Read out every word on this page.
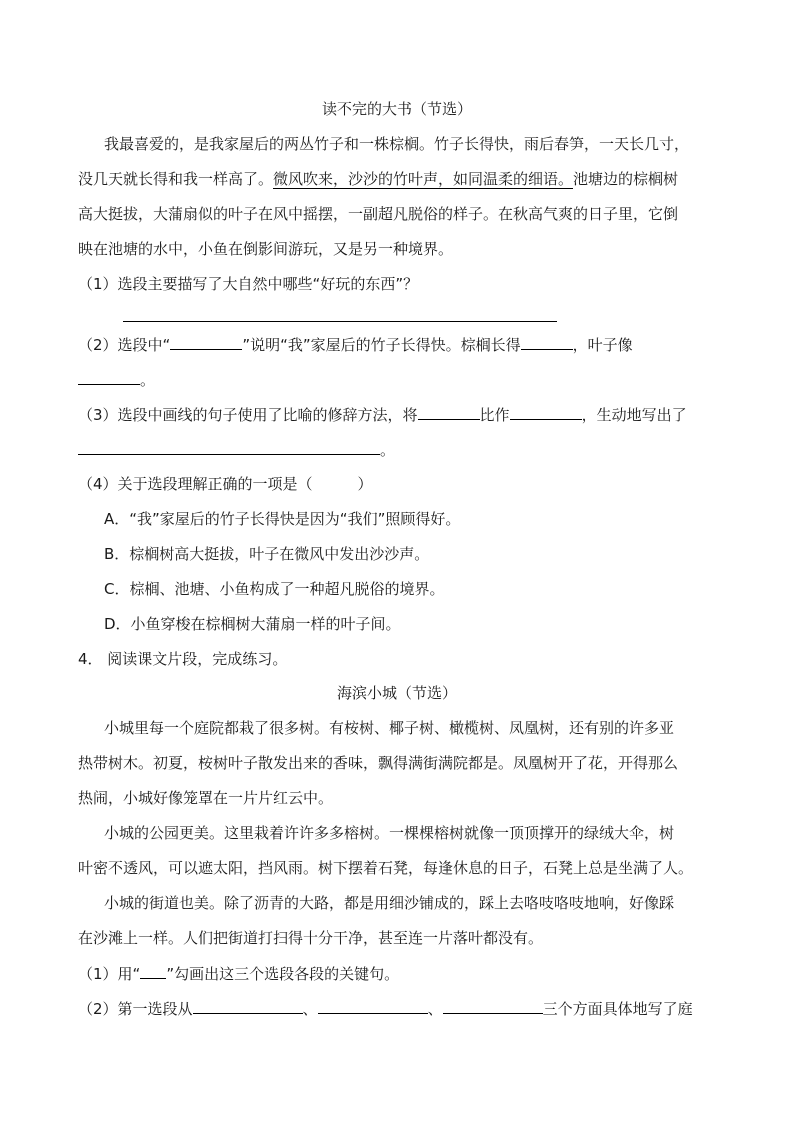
读不完的大书（节选）
我最喜爱的，是我家屋后的两丛竹子和一株棕榈。竹子长得快，雨后春笋，一天长几寸，
没几天就长得和我一样高了。微风吹来，沙沙的竹叶声，如同温柔的细语。池塘边的棕榈树
高大挺拔，大蒲扇似的叶子在风中摇摆，一副超凡脱俗的样子。在秋高气爽的日子里，它倒
映在池塘的水中，小鱼在倒影间游玩，又是另一种境界。
（1）选段主要描写了大自然中哪些“好玩的东西”？
（2）选段中“	”说明“我”家屋后的竹子长得快。棕榈长得	，叶子像
。
（3）选段中画线的句子使用了比喻的修辞方法，将	比作	，生动地写出了
。
（4）关于选段理解正确的一项是（　　　）
A．“我”家屋后的竹子长得快是因为“我们”照顾得好。
B．棕榈树高大挺拔，叶子在微风中发出沙沙声。
C．棕榈、池塘、小鱼构成了一种超凡脱俗的境界。
D．小鱼穿梭在棕榈树大蒲扇一样的叶子间。
4． 阅读课文片段，完成练习。
海滨小城（节选）
小城里每一个庭院都栽了很多树。有桉树、椰子树、橄榄树、凤凰树，还有别的许多亚
热带树木。初夏，桉树叶子散发出来的香味，飘得满街满院都是。凤凰树开了花，开得那么
热闹，小城好像笼罩在一片片红云中。
小城的公园更美。这里栽着许许多多榕树。一棵棵榕树就像一顶顶撑开的绿绒大伞，树
叶密不透风，可以遮太阳，挡风雨。树下摆着石凳，每逢休息的日子，石凳上总是坐满了人。
小城的街道也美。除了沥青的大路，都是用细沙铺成的，踩上去咯吱咯吱地响，好像踩
在沙滩上一样。人们把街道打扫得十分干净，甚至连一片落叶都没有。
（1）用“ ”勾画出这三个选段各段的关键句。
（2）第一选段从	、	、	三个方面具体地写了庭
